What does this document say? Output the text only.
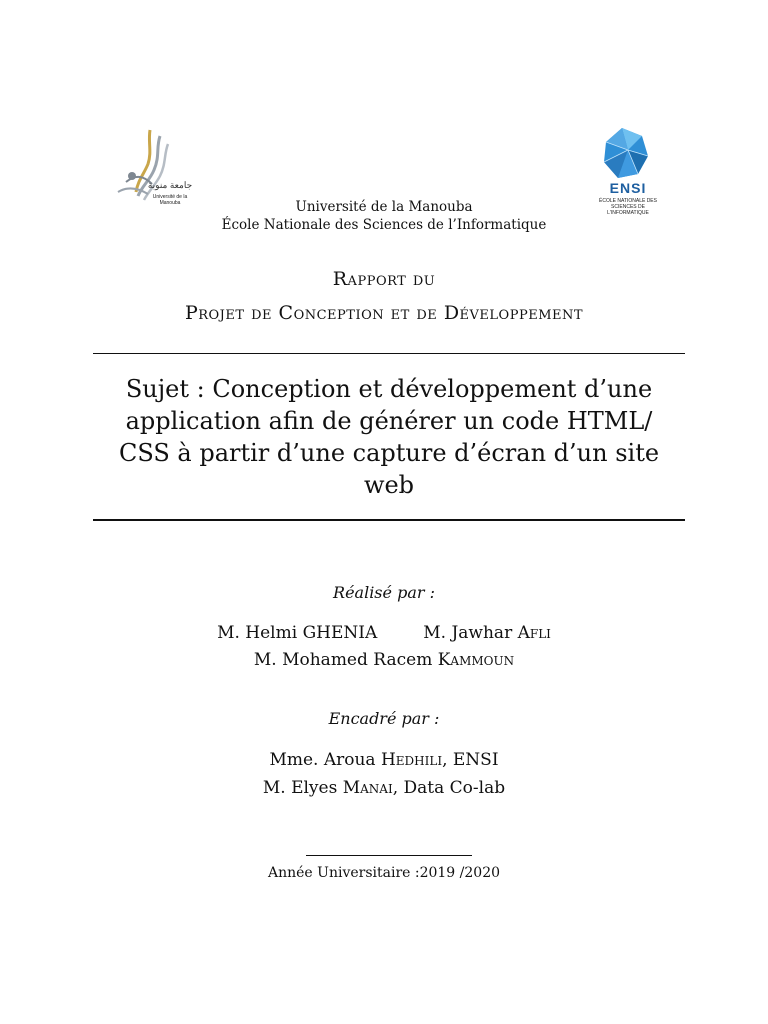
جامعة منوبة
Université de la Manouba
ENSI
ÉCOLE NATIONALE DES SCIENCES DE L'INFORMATIQUE
Université de la Manouba
École Nationale des Sciences de l’Informatique
Rapport du
Projet de Conception et de Développement
Sujet : Conception et développement d’une application afin de générer un code HTML/ CSS à partir d’une capture d’écran d’un site web
Réalisé par :
M. Helmi GHENIA	M. Jawhar Afli
M. Mohamed Racem Kammoun
Encadré par :
Mme. Aroua Hedhili, ENSI
M. Elyes Manai, Data Co-lab
Année Universitaire :2019 /2020
